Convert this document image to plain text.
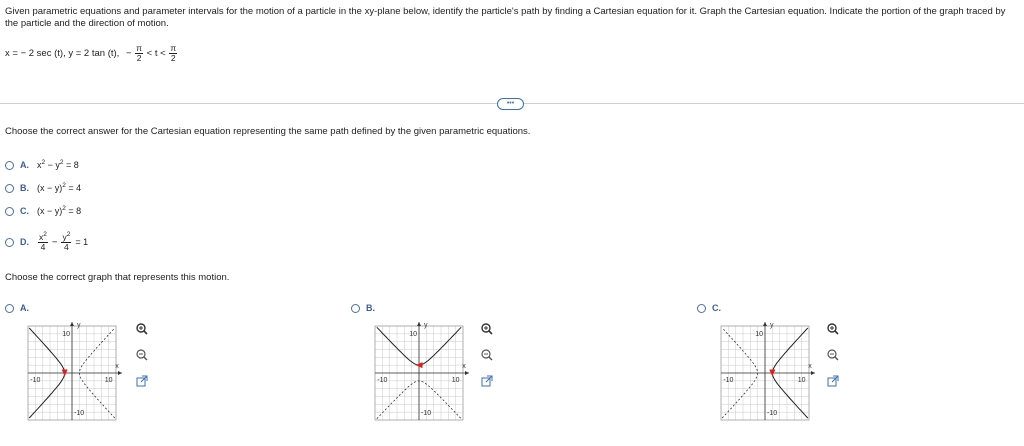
Given parametric equations and parameter intervals for the motion of a particle in the xy-plane below, identify the particle's path by finding a Cartesian equation for it. Graph the Cartesian equation. Indicate the portion of the graph traced by the particle and the direction of motion.
x = − 2 sec (t), y = 2 tan (t), − $\frac{\pi}{2} < t < \frac{\pi}{2}$
•••
Choose the correct answer for the Cartesian equation representing the same path defined by the given parametric equations.
A. $x^2 - y^2 = 8$
B. $(x - y)^2 = 4$
C. $(x - y)^2 = 8$
D. $\frac{x^2}{4} - \frac{y^2}{4} = 1$
Choose the correct graph that represents this motion.
A.
y
10
-10
-10	10
x
B.
y
10
-10
-10	10
x
C.
y
10
-10
-10	10
x
